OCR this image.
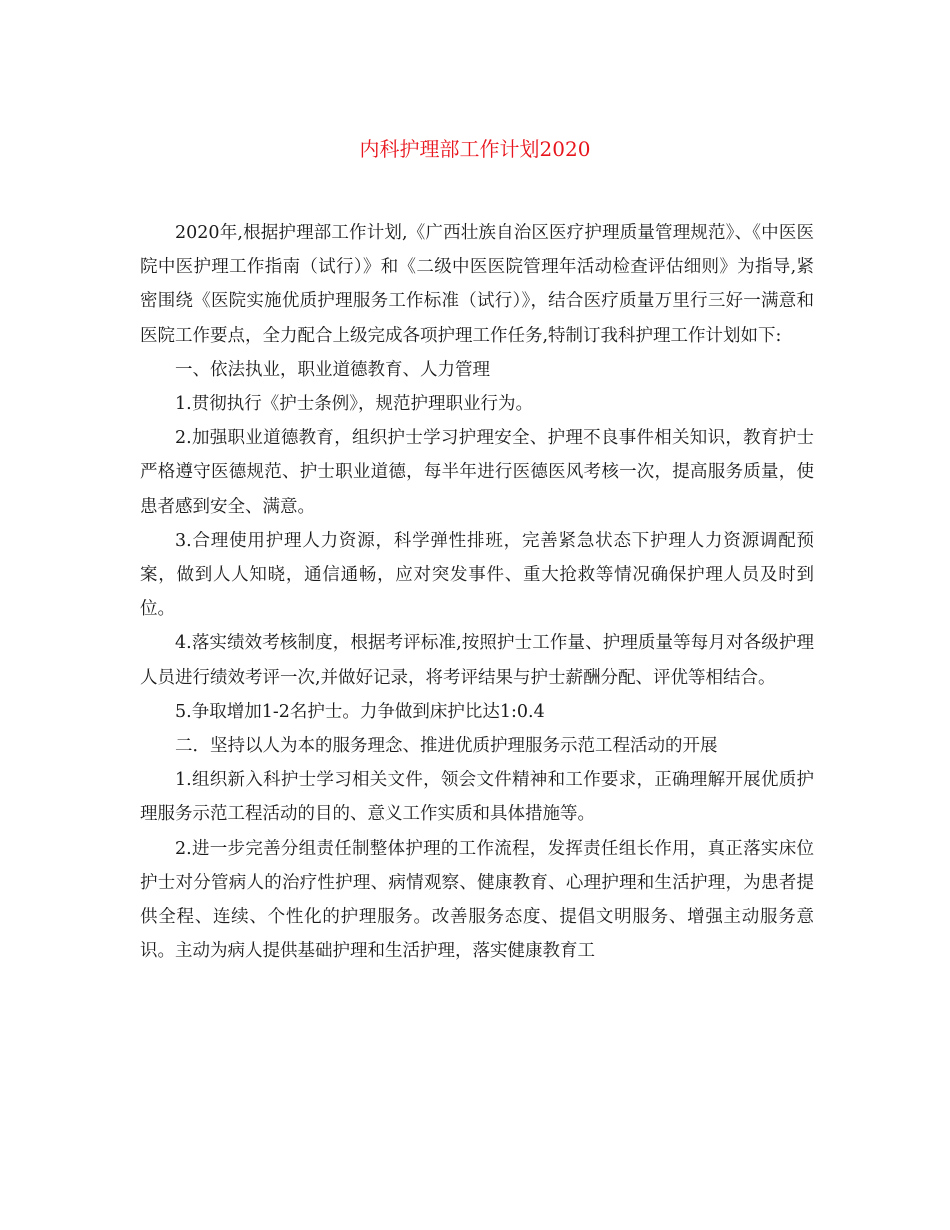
内科护理部工作计划2020

2020年,根据护理部工作计划,《广西壮族自治区医疗护理质量管理规范》、《中医医院中医护理工作指南（试行）》和《二级中医医院管理年活动检查评估细则》为指导,紧密围绕《医院实施优质护理服务工作标准（试行）》，结合医疗质量万里行三好一满意和医院工作要点，全力配合上级完成各项护理工作任务,特制订我科护理工作计划如下:

一、依法执业，职业道德教育、人力管理

1.贯彻执行《护士条例》，规范护理职业行为。

2.加强职业道德教育，组织护士学习护理安全、护理不良事件相关知识，教育护士严格遵守医德规范、护士职业道德，每半年进行医德医风考核一次，提高服务质量，使患者感到安全、满意。

3.合理使用护理人力资源，科学弹性排班，完善紧急状态下护理人力资源调配预案，做到人人知晓，通信通畅，应对突发事件、重大抢救等情况确保护理人员及时到位。

4.落实绩效考核制度，根据考评标准,按照护士工作量、护理质量等每月对各级护理人员进行绩效考评一次,并做好记录，将考评结果与护士薪酬分配、评优等相结合。

5.争取增加1-2名护士。力争做到床护比达1:0.4

二．坚持以人为本的服务理念、推进优质护理服务示范工程活动的开展

1.组织新入科护士学习相关文件，领会文件精神和工作要求，正确理解开展优质护理服务示范工程活动的目的、意义工作实质和具体措施等。

2.进一步完善分组责任制整体护理的工作流程，发挥责任组长作用，真正落实床位护士对分管病人的治疗性护理、病情观察、健康教育、心理护理和生活护理，为患者提供全程、连续、个性化的护理服务。改善服务态度、提倡文明服务、增强主动服务意识。主动为病人提供基础护理和生活护理，落实健康教育工
